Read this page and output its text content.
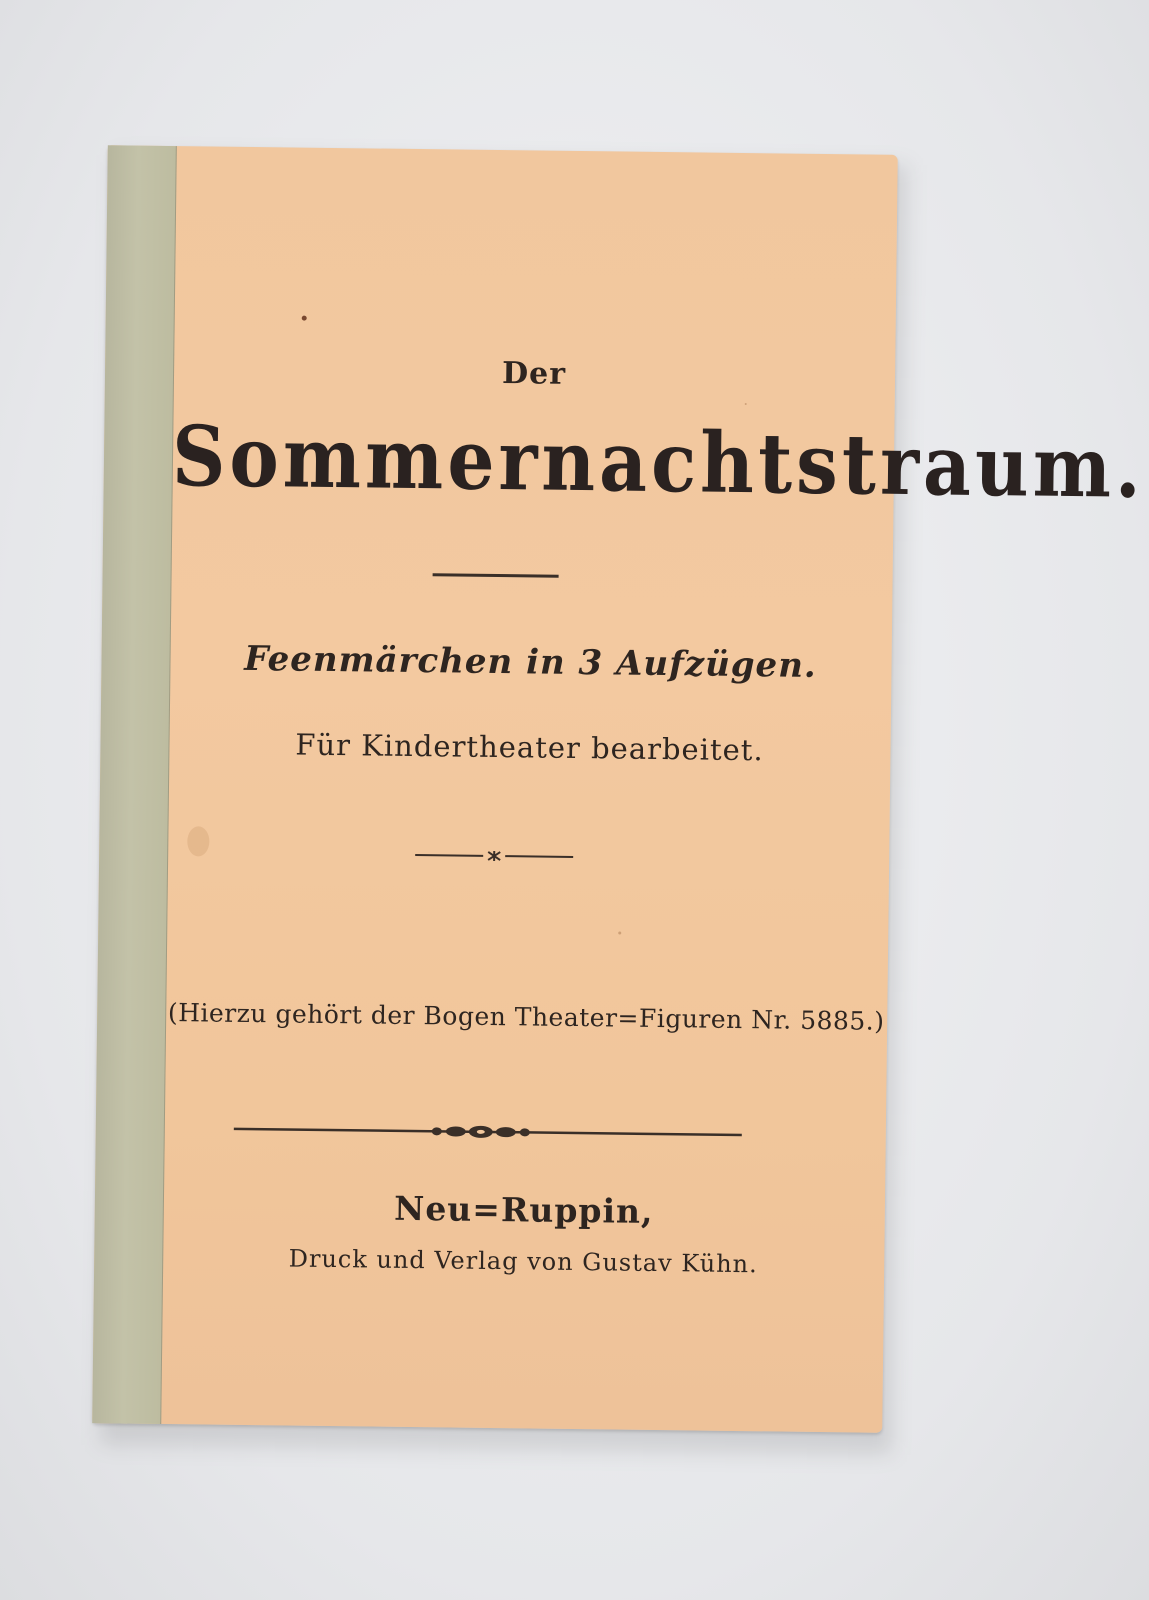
Der
Sommernachtstraum.
Feenmärchen in 3 Aufzügen.
Für Kindertheater bearbeitet.
(Hierzu gehört der Bogen Theater=Figuren Nr. 5885.)
Neu=Ruppin,
Druck und Verlag von Gustav Kühn.
